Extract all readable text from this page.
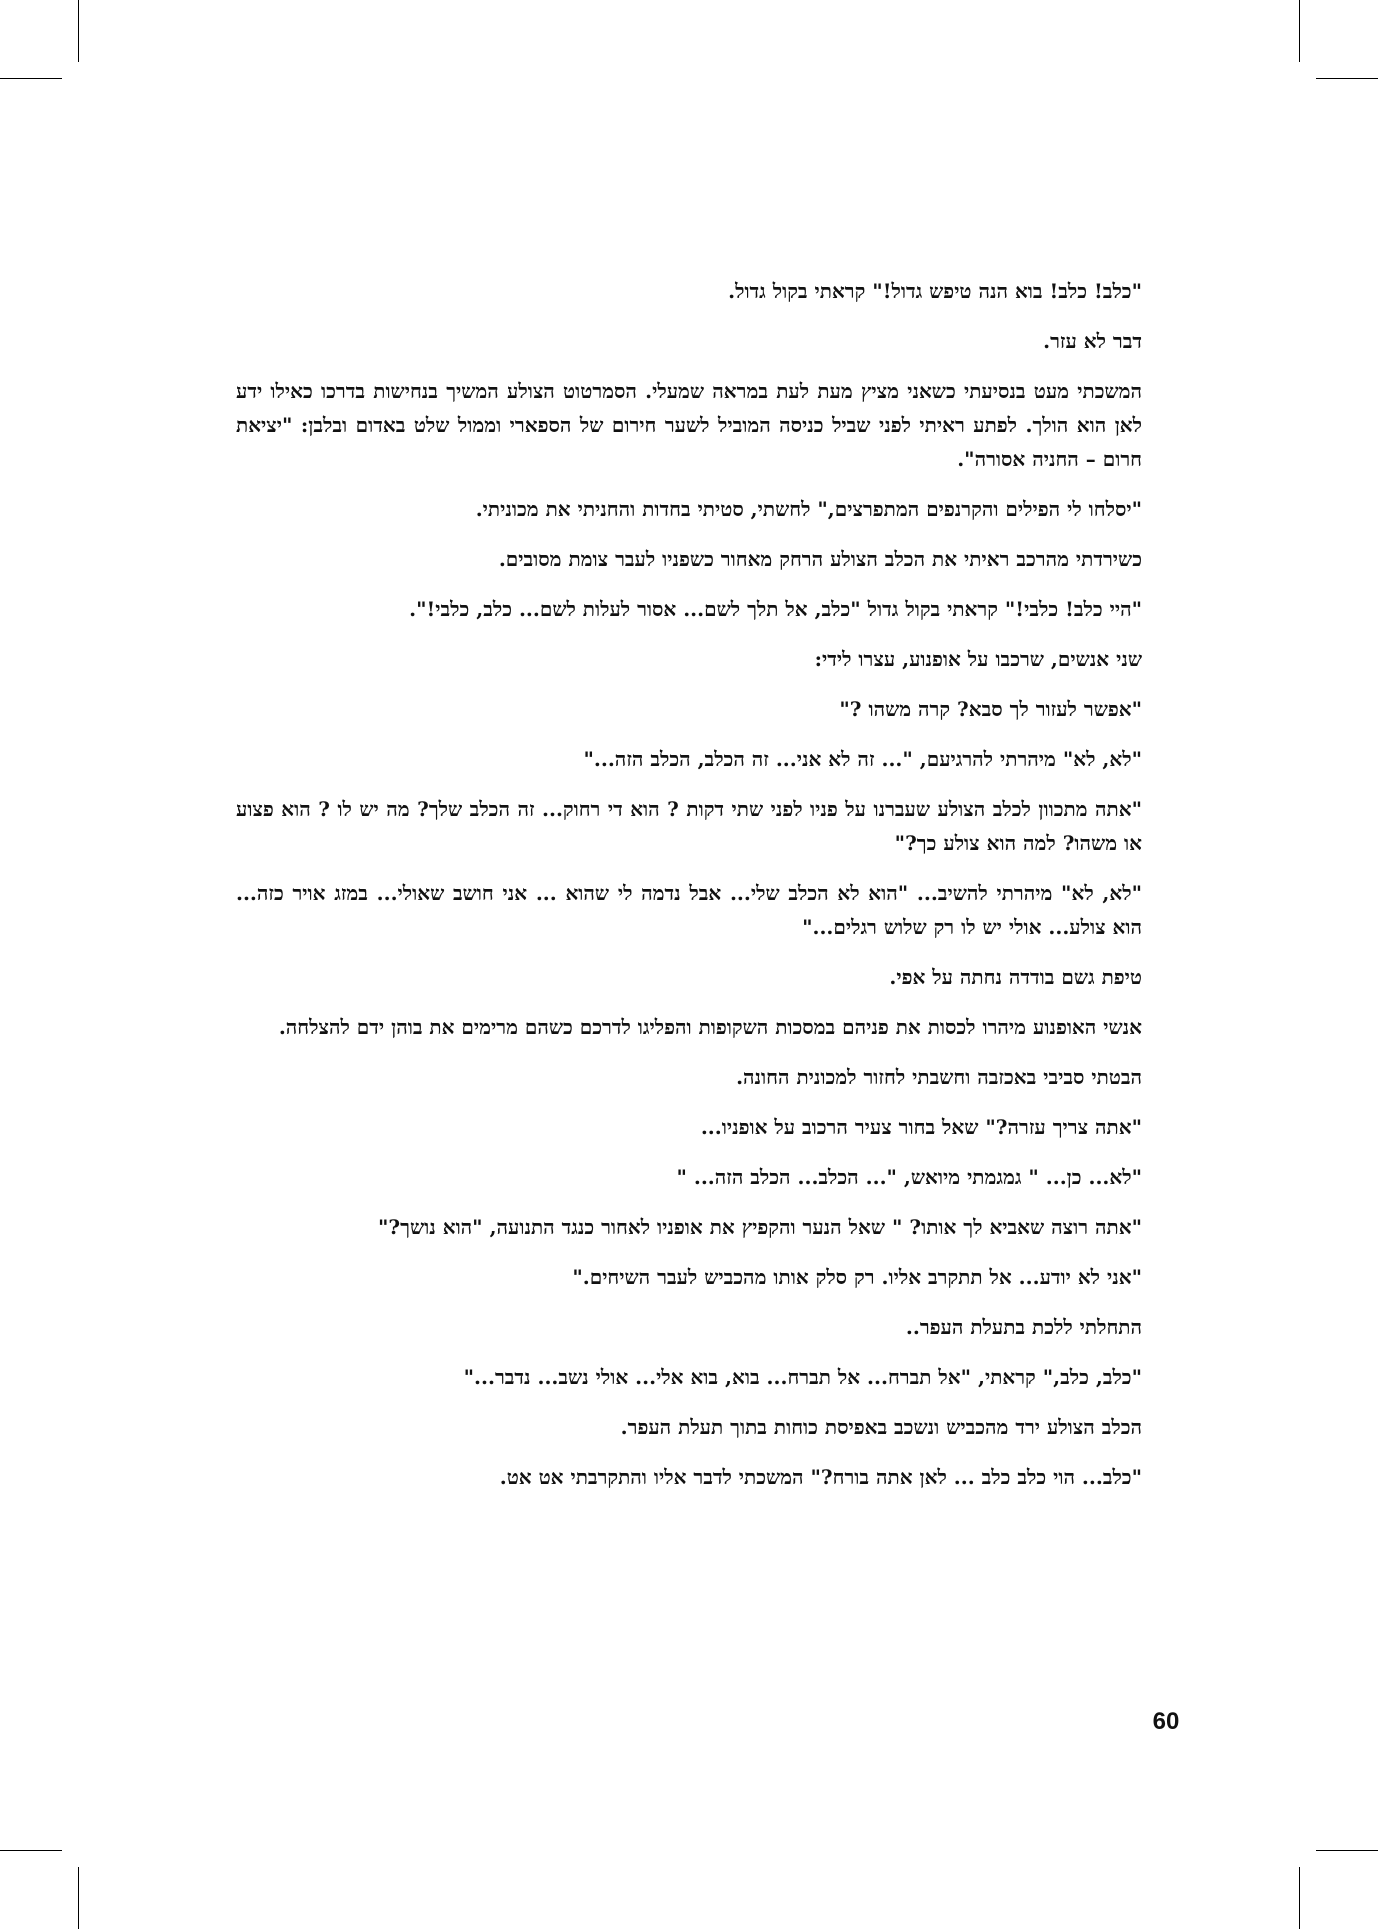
"כלב! כלב! בוא הנה טיפש גדול!" קראתי בקול גדול.

דבר לא עזר.

המשכתי מעט בנסיעתי כשאני מציץ מעת לעת במראה שמעלי. הסמרטוט הצולע המשיך בנחישות בדרכו כאילו ידע לאן הוא הולך. לפתע ראיתי לפני שביל כניסה המוביל לשער חירום של הספארי וממול שלט באדום ובלבן: "יציאת חרום – החניה אסורה".

"יסלחו לי הפילים והקרנפים המתפרצים," לחשתי, סטיתי בחדות והחניתי את מכוניתי.

כשירדתי מהרכב ראיתי את הכלב הצולע הרחק מאחור כשפניו לעבר צומת מסובים.

"היי כלב! כלבי!" קראתי בקול גדול "כלב, אל תלך לשם... אסור לעלות לשם... כלב, כלבי!".

שני אנשים, שרכבו על אופנוע, עצרו לידי:

"אפשר לעזור לך סבא? קרה משהו ?"

"לא, לא" מיהרתי להרגיעם, "... זה לא אני... זה הכלב, הכלב הזה..."

"אתה מתכוון לכלב הצולע שעברנו על פניו לפני שתי דקות ? הוא די רחוק... זה הכלב שלך? מה יש לו ? הוא פצוע או משהו? למה הוא צולע כך?"

"לא, לא" מיהרתי להשיב... "הוא לא הכלב שלי... אבל נדמה לי שהוא ... אני חושב שאולי... במזג אויר כזה... הוא צולע... אולי יש לו רק שלוש רגלים..."

טיפת גשם בודדה נחתה על אפי.

אנשי האופנוע מיהרו לכסות את פניהם במסכות השקופות והפליגו לדרכם כשהם מרימים את בוהן ידם להצלחה.

הבטתי סביבי באכזבה וחשבתי לחזור למכונית החונה.

"אתה צריך עזרה?" שאל בחור צעיר הרכוב על אופניו...

"לא... כן... " גמגמתי מיואש, "... הכלב... הכלב הזה... "

"אתה רוצה שאביא לך אותו? " שאל הנער והקפיץ את אופניו לאחור כנגד התנועה, "הוא נושך?"

"אני לא יודע... אל תתקרב אליו. רק סלק אותו מהכביש לעבר השיחים."

התחלתי ללכת בתעלת העפר..

"כלב, כלב," קראתי, "אל תברח... אל תברח... בוא, בוא אלי... אולי נשב... נדבר..."

הכלב הצולע ירד מהכביש ונשכב באפיסת כוחות בתוך תעלת העפר.

"כלב... הוי כלב כלב ... לאן אתה בורח?" המשכתי לדבר אליו והתקרבתי אט אט.

60
